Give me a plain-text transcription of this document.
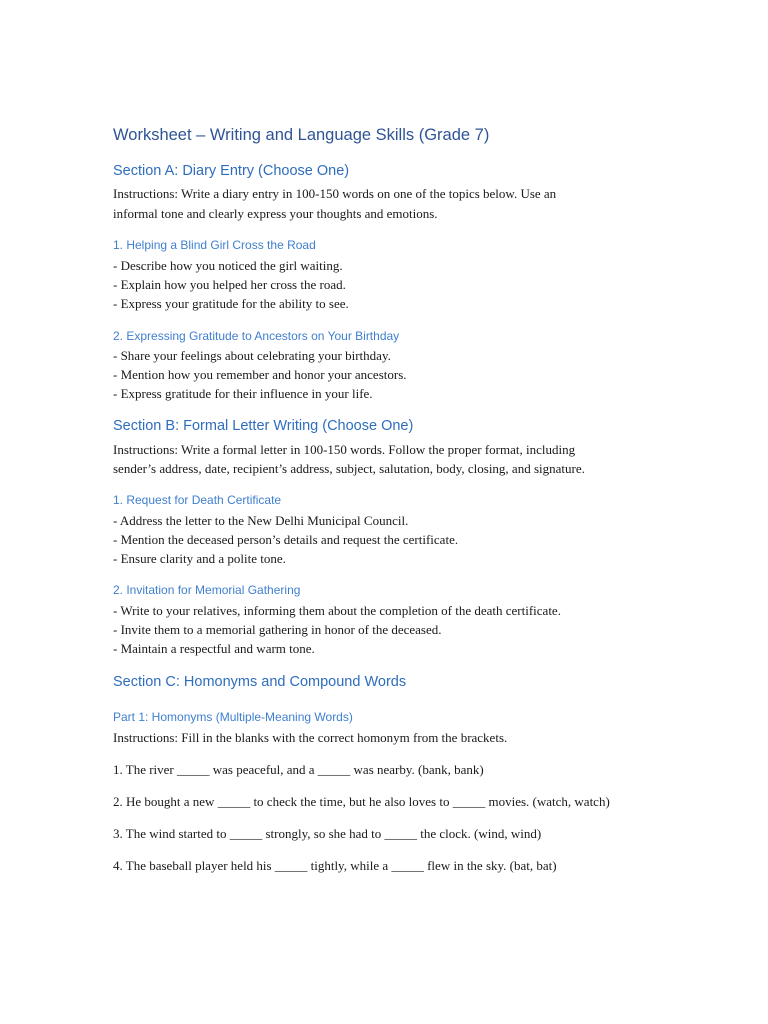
Worksheet – Writing and Language Skills (Grade 7)
Section A: Diary Entry (Choose One)
Instructions: Write a diary entry in 100-150 words on one of the topics below. Use an
informal tone and clearly express your thoughts and emotions.
1. Helping a Blind Girl Cross the Road
- Describe how you noticed the girl waiting.
- Explain how you helped her cross the road.
- Express your gratitude for the ability to see.
2. Expressing Gratitude to Ancestors on Your Birthday
- Share your feelings about celebrating your birthday.
- Mention how you remember and honor your ancestors.
- Express gratitude for their influence in your life.
Section B: Formal Letter Writing (Choose One)
Instructions: Write a formal letter in 100-150 words. Follow the proper format, including
sender’s address, date, recipient’s address, subject, salutation, body, closing, and signature.
1. Request for Death Certificate
- Address the letter to the New Delhi Municipal Council.
- Mention the deceased person’s details and request the certificate.
- Ensure clarity and a polite tone.
2. Invitation for Memorial Gathering
- Write to your relatives, informing them about the completion of the death certificate.
- Invite them to a memorial gathering in honor of the deceased.
- Maintain a respectful and warm tone.
Section C: Homonyms and Compound Words
Part 1: Homonyms (Multiple-Meaning Words)
Instructions: Fill in the blanks with the correct homonym from the brackets.
1. The river _____ was peaceful, and a _____ was nearby. (bank, bank)
2. He bought a new _____ to check the time, but he also loves to _____ movies. (watch, watch)
3. The wind started to _____ strongly, so she had to _____ the clock. (wind, wind)
4. The baseball player held his _____ tightly, while a _____ flew in the sky. (bat, bat)
